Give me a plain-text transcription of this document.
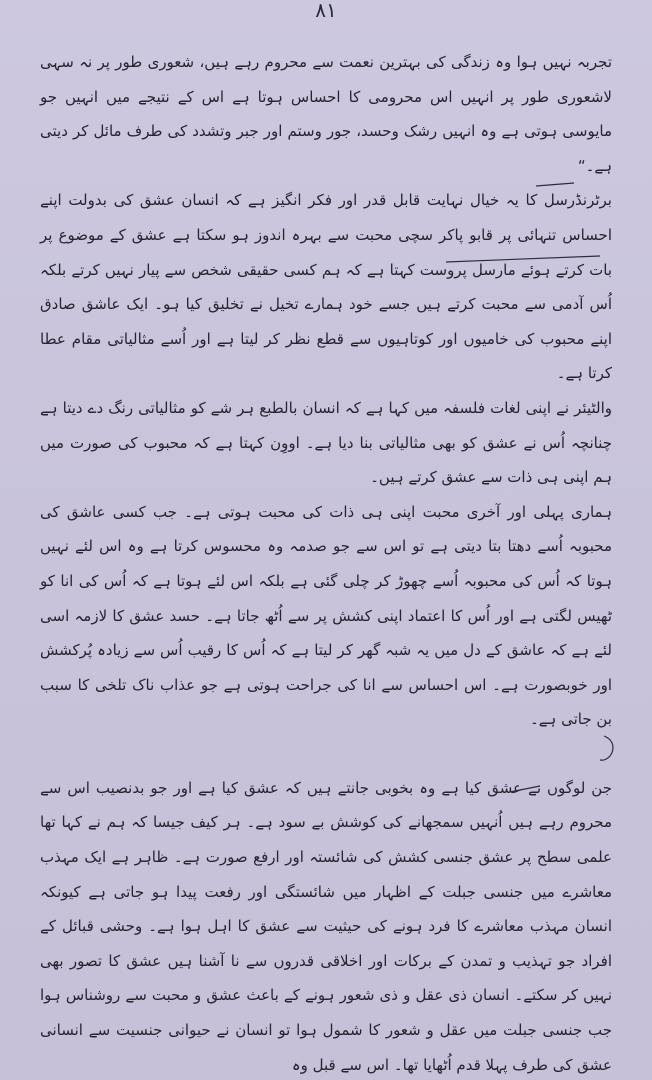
۸۱

تجربہ نہیں ہوا وہ زندگی کی بہترین نعمت سے محروم رہے ہیں، شعوری طور پر نہ سہی لاشعوری طور پر انہیں اس محرومی کا احساس ہوتا ہے اس کے نتیجے میں انہیں جو مایوسی ہوتی ہے وہ انہیں رشک وحسد، جور وستم اور جبر وتشدد کی طرف مائل کر دیتی ہے۔“

برٹرنڈرسل کا یہ خیال نہایت قابل قدر اور فکر انگیز ہے کہ انسان عشق کی بدولت اپنے احساس تنہائی پر قابو پاکر سچی محبت سے بہرہ اندوز ہو سکتا ہے عشق کے موضوع پر بات کرتے ہوئے مارسل پروست کہتا ہے کہ ہم کسی حقیقی شخص سے پیار نہیں کرتے بلکہ اُس آدمی سے محبت کرتے ہیں جسے خود ہمارے تخیل نے تخلیق کیا ہو۔ ایک عاشق صادق اپنے محبوب کی خامیوں اور کوتاہیوں سے قطع نظر کر لیتا ہے اور اُسے مثالیاتی مقام عطا کرتا ہے۔

والٹیئر نے اپنی لغات فلسفہ میں کہا ہے کہ انسان بالطبع ہر شے کو مثالیاتی رنگ دے دیتا ہے چنانچہ اُس نے عشق کو بھی مثالیاتی بنا دیا ہے۔ اووِن کہتا ہے کہ محبوب کی صورت میں ہم اپنی ہی ذات سے عشق کرتے ہیں۔

ہماری پہلی اور آخری محبت اپنی ہی ذات کی محبت ہوتی ہے۔ جب کسی عاشق کی محبوبہ اُسے دھتا بتا دیتی ہے تو اس سے جو صدمہ وہ محسوس کرتا ہے وہ اس لئے نہیں ہوتا کہ اُس کی محبوبہ اُسے چھوڑ کر چلی گئی ہے بلکہ اس لئے ہوتا ہے کہ اُس کی انا کو ٹھیس لگتی ہے اور اُس کا اعتماد اپنی کشش پر سے اُٹھ جاتا ہے۔ حسد عشق کا لازمہ اسی لئے ہے کہ عاشق کے دل میں یہ شبہ گھر کر لیتا ہے کہ اُس کا رقیب اُس سے زیادہ پُرکشش اور خوبصورت ہے۔ اس احساس سے انا کی جراحت ہوتی ہے جو عذاب ناک تلخی کا سبب بن جاتی ہے۔

جن لوگوں نے عشق کیا ہے وہ بخوبی جانتے ہیں کہ عشق کیا ہے اور جو بدنصیب اس سے محروم رہے ہیں اُنہیں سمجھانے کی کوشش بے سود ہے۔ ہر کیف جیسا کہ ہم نے کہا تھا علمی سطح پر عشق جنسی کشش کی شائستہ اور ارفع صورت ہے۔ ظاہر ہے ایک مہذب معاشرے میں جنسی جبلت کے اظہار میں شائستگی اور رفعت پیدا ہو جاتی ہے کیونکہ انسان مہذب معاشرے کا فرد ہونے کی حیثیت سے عشق کا اہل ہوا ہے۔ وحشی قبائل کے افراد جو تہذیب و تمدن کے برکات اور اخلاقی قدروں سے نا آشنا ہیں عشق کا تصور بھی نہیں کر سکتے۔ انسان ذی عقل و ذی شعور ہونے کے باعث عشق و محبت سے روشناس ہوا جب جنسی جبلت میں عقل و شعور کا شمول ہوا تو انسان نے حیوانی جنسیت سے انسانی عشق کی طرف پہلا قدم اُٹھایا تھا۔ اس سے قبل وہ
